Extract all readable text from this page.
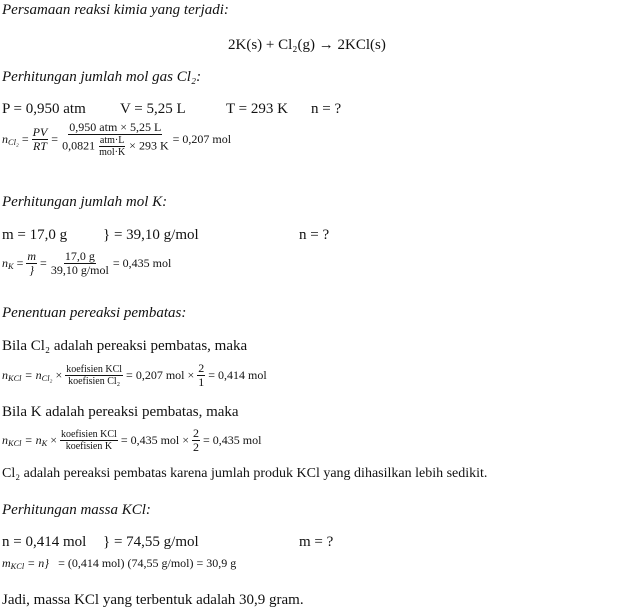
Persamaan reaksi kimia yang terjadi:
2K(s) + Cl₂(g) → 2KCl(s)
Perhitungan jumlah mol gas Cl₂:
P = 0,950 atm V = 5,25 L	T = 293 K n = ?
$n_{Cl_2} = \frac{PV}{RT}$ =
0,950 atm × 5,25 L
$0,0821 \frac{\text{atm·L}}{\text{mol·K}} \times 293$ K = 0,207 mol
Perhitungan jumlah mol K:
m = 17,0 g } = 39,10 g/mol	n = ?
$n_K = \frac{m}{\}} = \frac{17,0 g}{\text{39,10 g/mol}} = 0,435$ mol
Penentuan pereaksi pembatas:
Bila Cl₂ adalah pereaksi pembatas, maka
$n_{KCl} = n_{Cl_2} \times \frac{\text{koefisien KCl}}{\text{koefisien Cl₂}} = 0,207$ mol × $\frac{2}{1} = 0,414$ mol
Bila K adalah pereaksi pembatas, maka
$n_{KCl} = n_K \times \frac{\text{koefisien KCl}}{\text{koefisien K}} = 0,435$ mol × $\frac{2}{2} = 0,435$ mol
Cl₂ adalah pereaksi pembatas karena jumlah produk KCl yang dihasilkan lebih sedikit.
Perhitungan massa KCl:
n = 0,414 mol } = 74,55 g/mol	m = ?
$m_{KCl} = n\} = (0,414$ mol) (74,55 g/mol) = 30,9 g
Jadi, massa KCl yang terbentuk adalah 30,9 gram.
